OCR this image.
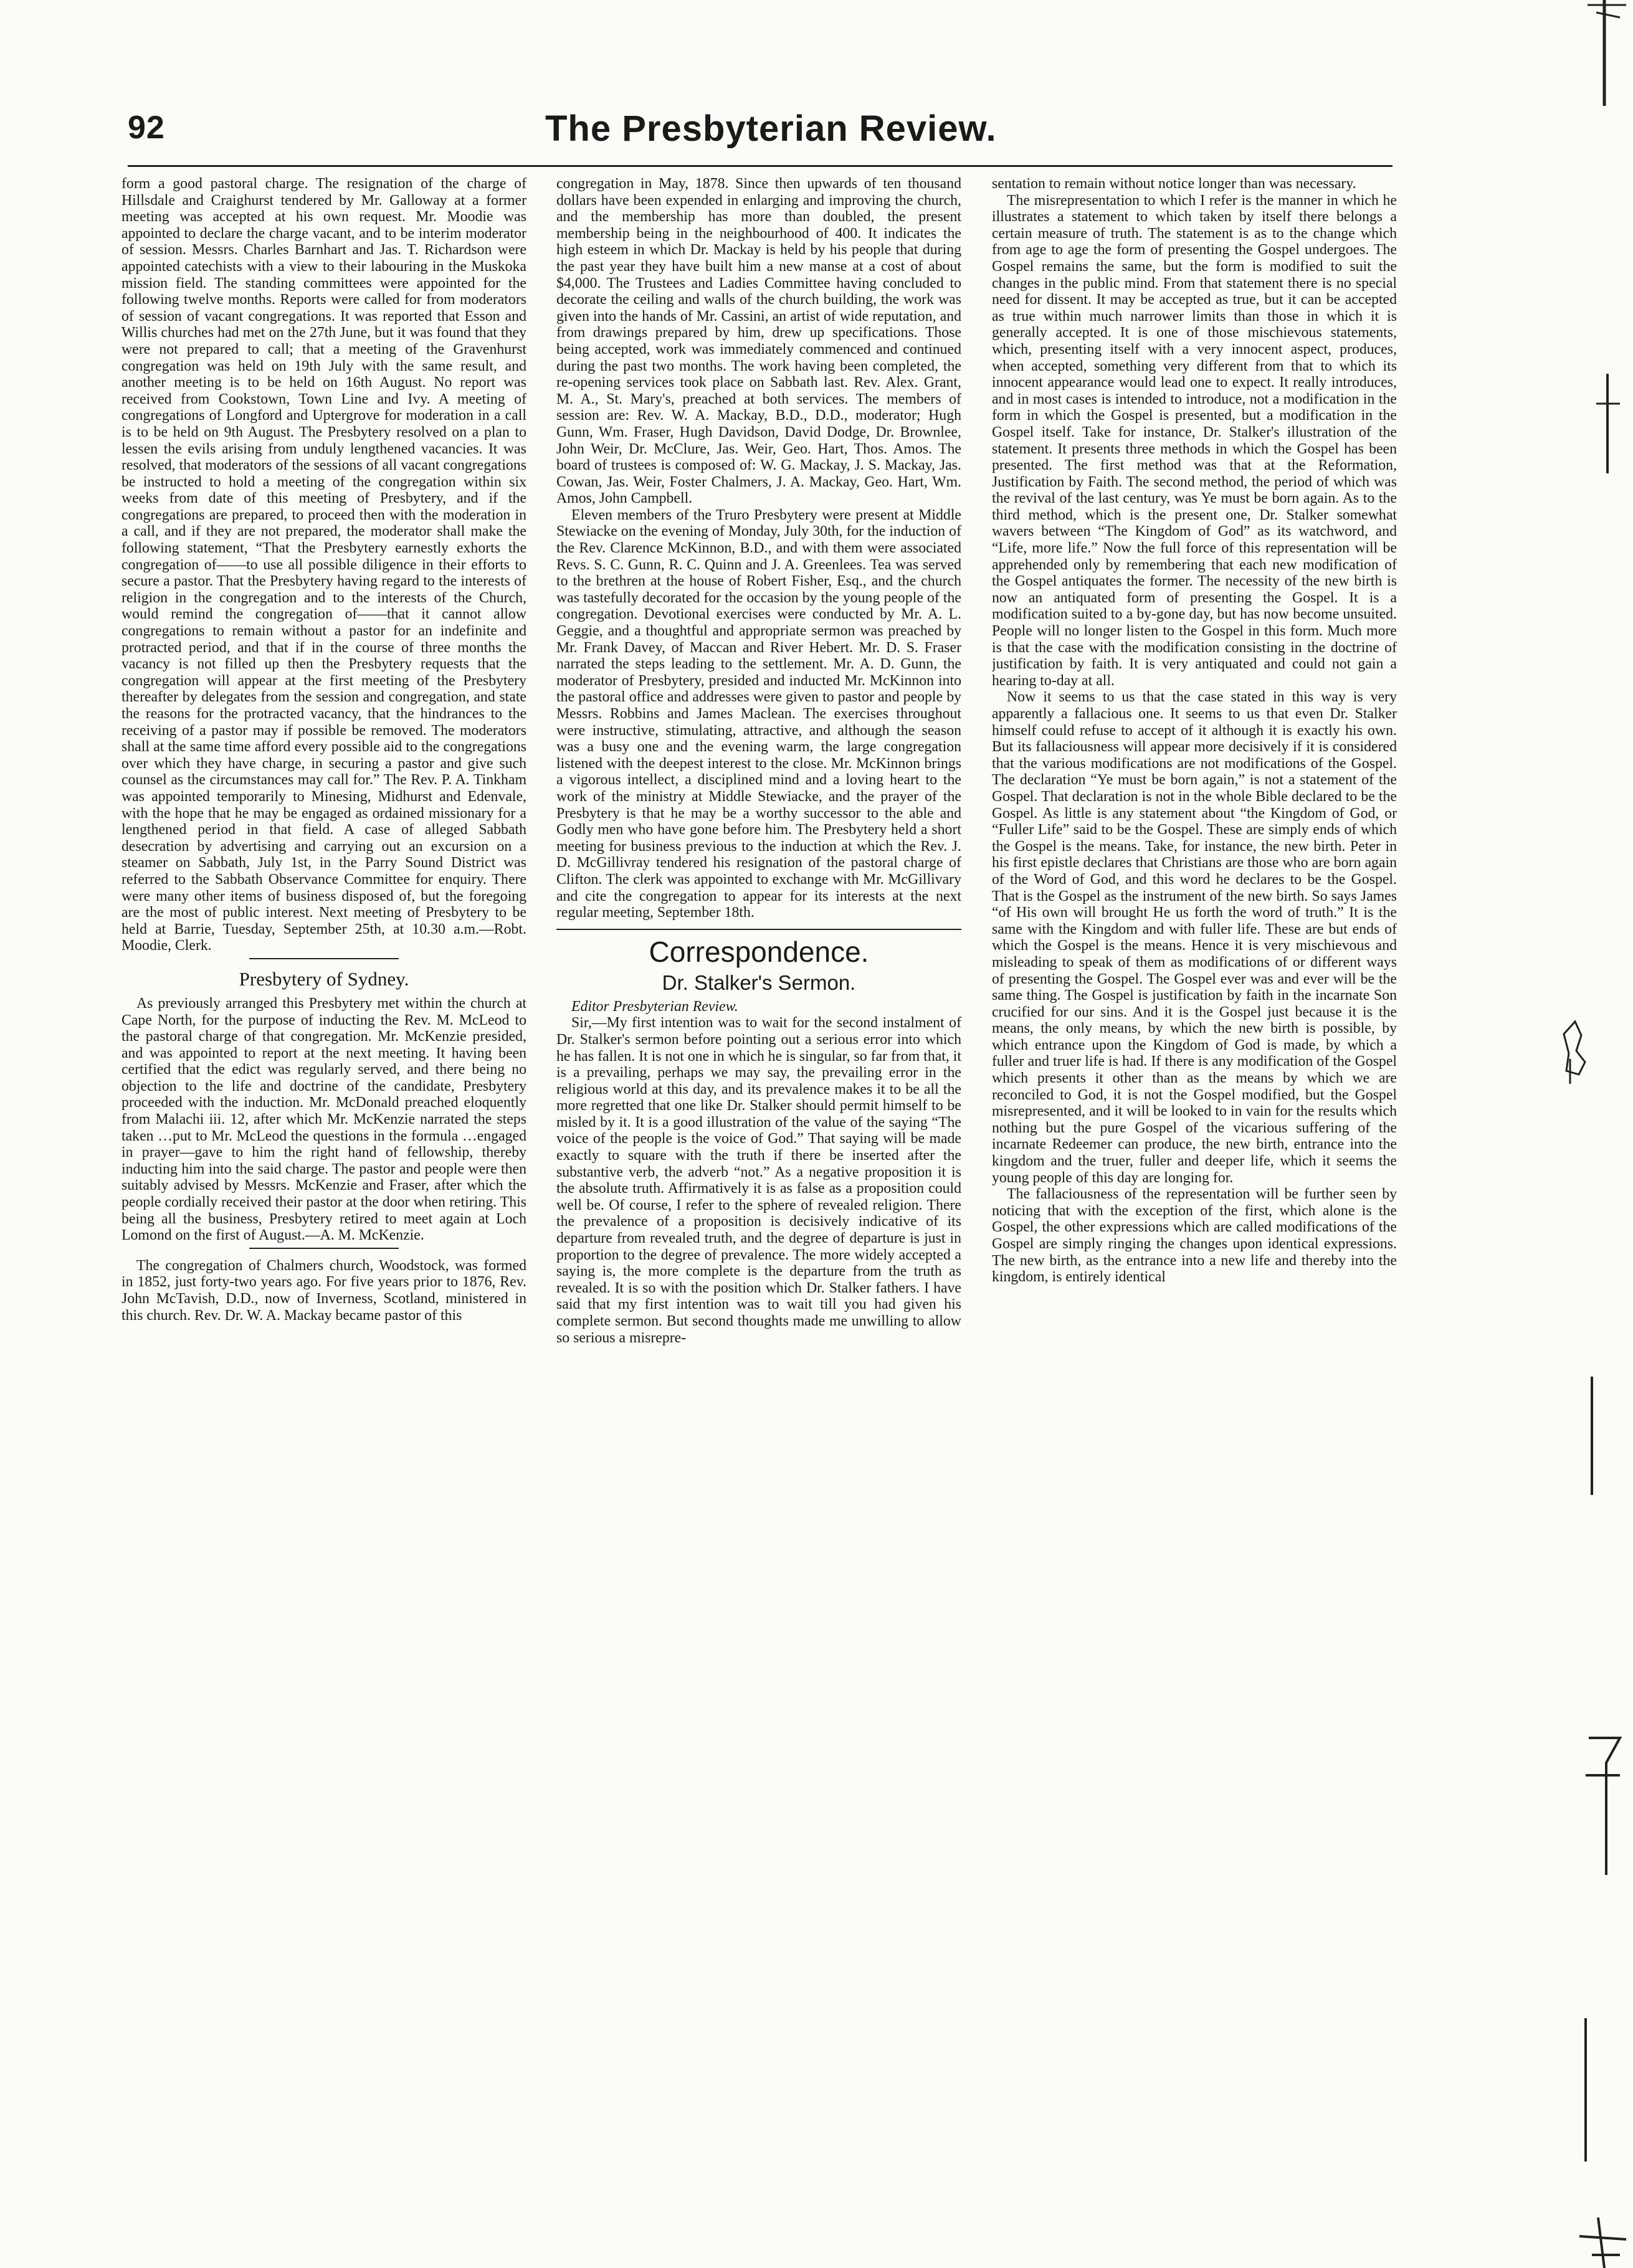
92	The Presbyterian Review.

form a good pastoral charge. The resignation of the charge of Hillsdale and Craighurst tendered by Mr. Galloway at a former meeting was accepted at his own request. Mr. Moodie was appointed to declare the charge vacant, and to be interim moderator of session. Messrs. Charles Barnhart and Jas. T. Richardson were appointed catechists with a view to their labouring in the Muskoka mission field. The standing committees were appointed for the following twelve months. Reports were called for from moderators of session of vacant congregations. It was reported that Esson and Willis churches had met on the 27th June, but it was found that they were not prepared to call; that a meeting of the Gravenhurst congregation was held on 19th July with the same result, and another meeting is to be held on 16th August. No report was received from Cookstown, Town Line and Ivy. A meeting of congregations of Longford and Uptergrove for moderation in a call is to be held on 9th August. The Presbytery resolved on a plan to lessen the evils arising from unduly lengthened vacancies. It was resolved, that moderators of the sessions of all vacant congregations be instructed to hold a meeting of the congregation within six weeks from date of this meeting of Presbytery, and if the congregations are prepared, to proceed then with the moderation in a call, and if they are not prepared, the moderator shall make the following statement, “That the Presbytery earnestly exhorts the congregation of——to use all possible diligence in their efforts to secure a pastor. That the Presbytery having regard to the interests of religion in the congregation and to the interests of the Church, would remind the congregation of——that it cannot allow congregations to remain without a pastor for an indefinite and protracted period, and that if in the course of three months the vacancy is not filled up then the Presbytery requests that the congregation will appear at the first meeting of the Presbytery thereafter by delegates from the session and congregation, and state the reasons for the protracted vacancy, that the hindrances to the receiving of a pastor may if possible be removed. The moderators shall at the same time afford every possible aid to the congregations over which they have charge, in securing a pastor and give such counsel as the circumstances may call for.” The Rev. P. A. Tinkham was appointed temporarily to Minesing, Midhurst and Edenvale, with the hope that he may be engaged as ordained missionary for a lengthened period in that field. A case of alleged Sabbath desecration by advertising and carrying out an excursion on a steamer on Sabbath, July 1st, in the Parry Sound District was referred to the Sabbath Observance Committee for enquiry. There were many other items of business disposed of, but the foregoing are the most of public interest. Next meeting of Presbytery to be held at Barrie, Tuesday, September 25th, at 10.30 a.m.—Robt. Moodie, Clerk.

Presbytery of Sydney.

As previously arranged this Presbytery met within the church at Cape North, for the purpose of inducting the Rev. M. McLeod to the pastoral charge of that congregation. Mr. McKenzie presided, and was appointed to report at the next meeting. It having been certified that the edict was regularly served, and there being no objection to the life and doctrine of the candidate, Presbytery proceeded with the induction. Mr. McDonald preached eloquently from Malachi iii. 12, after which Mr. McKenzie narrated the steps taken …put to Mr. McLeod the questions in the formula …engaged in prayer—gave to him the right hand of fellowship, thereby inducting him into the said charge. The pastor and people were then suitably advised by Messrs. McKenzie and Fraser, after which the people cordially received their pastor at the door when retiring. This being all the business, Presbytery retired to meet again at Loch Lomond on the first of August.—A. M. McKenzie.

The congregation of Chalmers church, Woodstock, was formed in 1852, just forty-two years ago. For five years prior to 1876, Rev. John McTavish, D.D., now of Inverness, Scotland, ministered in this church. Rev. Dr. W. A. Mackay became pastor of this

congregation in May, 1878. Since then upwards of ten thousand dollars have been expended in enlarging and improving the church, and the membership has more than doubled, the present membership being in the neighbourhood of 400. It indicates the high esteem in which Dr. Mackay is held by his people that during the past year they have built him a new manse at a cost of about $4,000. The Trustees and Ladies Committee having concluded to decorate the ceiling and walls of the church building, the work was given into the hands of Mr. Cassini, an artist of wide reputation, and from drawings prepared by him, drew up specifications. Those being accepted, work was immediately commenced and continued during the past two months. The work having been completed, the re-opening services took place on Sabbath last. Rev. Alex. Grant, M. A., St. Mary's, preached at both services. The members of session are: Rev. W. A. Mackay, B.D., D.D., moderator; Hugh Gunn, Wm. Fraser, Hugh Davidson, David Dodge, Dr. Brownlee, John Weir, Dr. McClure, Jas. Weir, Geo. Hart, Thos. Amos. The board of trustees is composed of: W. G. Mackay, J. S. Mackay, Jas. Cowan, Jas. Weir, Foster Chalmers, J. A. Mackay, Geo. Hart, Wm. Amos, John Campbell.

Eleven members of the Truro Presbytery were present at Middle Stewiacke on the evening of Monday, July 30th, for the induction of the Rev. Clarence McKinnon, B.D., and with them were associated Revs. S. C. Gunn, R. C. Quinn and J. A. Greenlees. Tea was served to the brethren at the house of Robert Fisher, Esq., and the church was tastefully decorated for the occasion by the young people of the congregation. Devotional exercises were conducted by Mr. A. L. Geggie, and a thoughtful and appropriate sermon was preached by Mr. Frank Davey, of Maccan and River Hebert. Mr. D. S. Fraser narrated the steps leading to the settlement. Mr. A. D. Gunn, the moderator of Presbytery, presided and inducted Mr. McKinnon into the pastoral office and addresses were given to pastor and people by Messrs. Robbins and James Maclean. The exercises throughout were instructive, stimulating, attractive, and although the season was a busy one and the evening warm, the large congregation listened with the deepest interest to the close. Mr. McKinnon brings a vigorous intellect, a disciplined mind and a loving heart to the work of the ministry at Middle Stewiacke, and the prayer of the Presbytery is that he may be a worthy successor to the able and Godly men who have gone before him. The Presbytery held a short meeting for business previous to the induction at which the Rev. J. D. McGillivray tendered his resignation of the pastoral charge of Clifton. The clerk was appointed to exchange with Mr. McGillivary and cite the congregation to appear for its interests at the next regular meeting, September 18th.

Correspondence.
Dr. Stalker's Sermon.

Editor Presbyterian Review.

Sir,—My first intention was to wait for the second instalment of Dr. Stalker's sermon before pointing out a serious error into which he has fallen. It is not one in which he is singular, so far from that, it is a prevailing, perhaps we may say, the prevailing error in the religious world at this day, and its prevalence makes it to be all the more regretted that one like Dr. Stalker should permit himself to be misled by it. It is a good illustration of the value of the saying “The voice of the people is the voice of God.” That saying will be made exactly to square with the truth if there be inserted after the substantive verb, the adverb “not.” As a negative proposition it is the absolute truth. Affirmatively it is as false as a proposition could well be. Of course, I refer to the sphere of revealed religion. There the prevalence of a proposition is decisively indicative of its departure from revealed truth, and the degree of departure is just in proportion to the degree of prevalence. The more widely accepted a saying is, the more complete is the departure from the truth as revealed. It is so with the position which Dr. Stalker fathers. I have said that my first intention was to wait till you had given his complete sermon. But second thoughts made me unwilling to allow so serious a misrepre-

sentation to remain without notice longer than was necessary.

The misrepresentation to which I refer is the manner in which he illustrates a statement to which taken by itself there belongs a certain measure of truth. The statement is as to the change which from age to age the form of presenting the Gospel undergoes. The Gospel remains the same, but the form is modified to suit the changes in the public mind. From that statement there is no special need for dissent. It may be accepted as true, but it can be accepted as true within much narrower limits than those in which it is generally accepted. It is one of those mischievous statements, which, presenting itself with a very innocent aspect, produces, when accepted, something very different from that to which its innocent appearance would lead one to expect. It really introduces, and in most cases is intended to introduce, not a modification in the form in which the Gospel is presented, but a modification in the Gospel itself. Take for instance, Dr. Stalker's illustration of the statement. It presents three methods in which the Gospel has been presented. The first method was that at the Reformation, Justification by Faith. The second method, the period of which was the revival of the last century, was Ye must be born again. As to the third method, which is the present one, Dr. Stalker somewhat wavers between “The Kingdom of God” as its watchword, and “Life, more life.” Now the full force of this representation will be apprehended only by remembering that each new modification of the Gospel antiquates the former. The necessity of the new birth is now an antiquated form of presenting the Gospel. It is a modification suited to a by-gone day, but has now become unsuited. People will no longer listen to the Gospel in this form. Much more is that the case with the modification consisting in the doctrine of justification by faith. It is very antiquated and could not gain a hearing to-day at all.

Now it seems to us that the case stated in this way is very apparently a fallacious one. It seems to us that even Dr. Stalker himself could refuse to accept of it although it is exactly his own. But its fallaciousness will appear more decisively if it is considered that the various modifications are not modifications of the Gospel. The declaration “Ye must be born again,” is not a statement of the Gospel. That declaration is not in the whole Bible declared to be the Gospel. As little is any statement about “the Kingdom of God, or “Fuller Life” said to be the Gospel. These are simply ends of which the Gospel is the means. Take, for instance, the new birth. Peter in his first epistle declares that Christians are those who are born again of the Word of God, and this word he declares to be the Gospel. That is the Gospel as the instrument of the new birth. So says James “of His own will brought He us forth the word of truth.” It is the same with the Kingdom and with fuller life. These are but ends of which the Gospel is the means. Hence it is very mischievous and misleading to speak of them as modifications of or different ways of presenting the Gospel. The Gospel ever was and ever will be the same thing. The Gospel is justification by faith in the incarnate Son crucified for our sins. And it is the Gospel just because it is the means, the only means, by which the new birth is possible, by which entrance upon the Kingdom of God is made, by which a fuller and truer life is had. If there is any modification of the Gospel which presents it other than as the means by which we are reconciled to God, it is not the Gospel modified, but the Gospel misrepresented, and it will be looked to in vain for the results which nothing but the pure Gospel of the vicarious suffering of the incarnate Redeemer can produce, the new birth, entrance into the kingdom and the truer, fuller and deeper life, which it seems the young people of this day are longing for.

The fallaciousness of the representation will be further seen by noticing that with the exception of the first, which alone is the Gospel, the other expressions which are called modifications of the Gospel are simply ringing the changes upon identical expressions. The new birth, as the entrance into a new life and thereby into the kingdom, is entirely identical
